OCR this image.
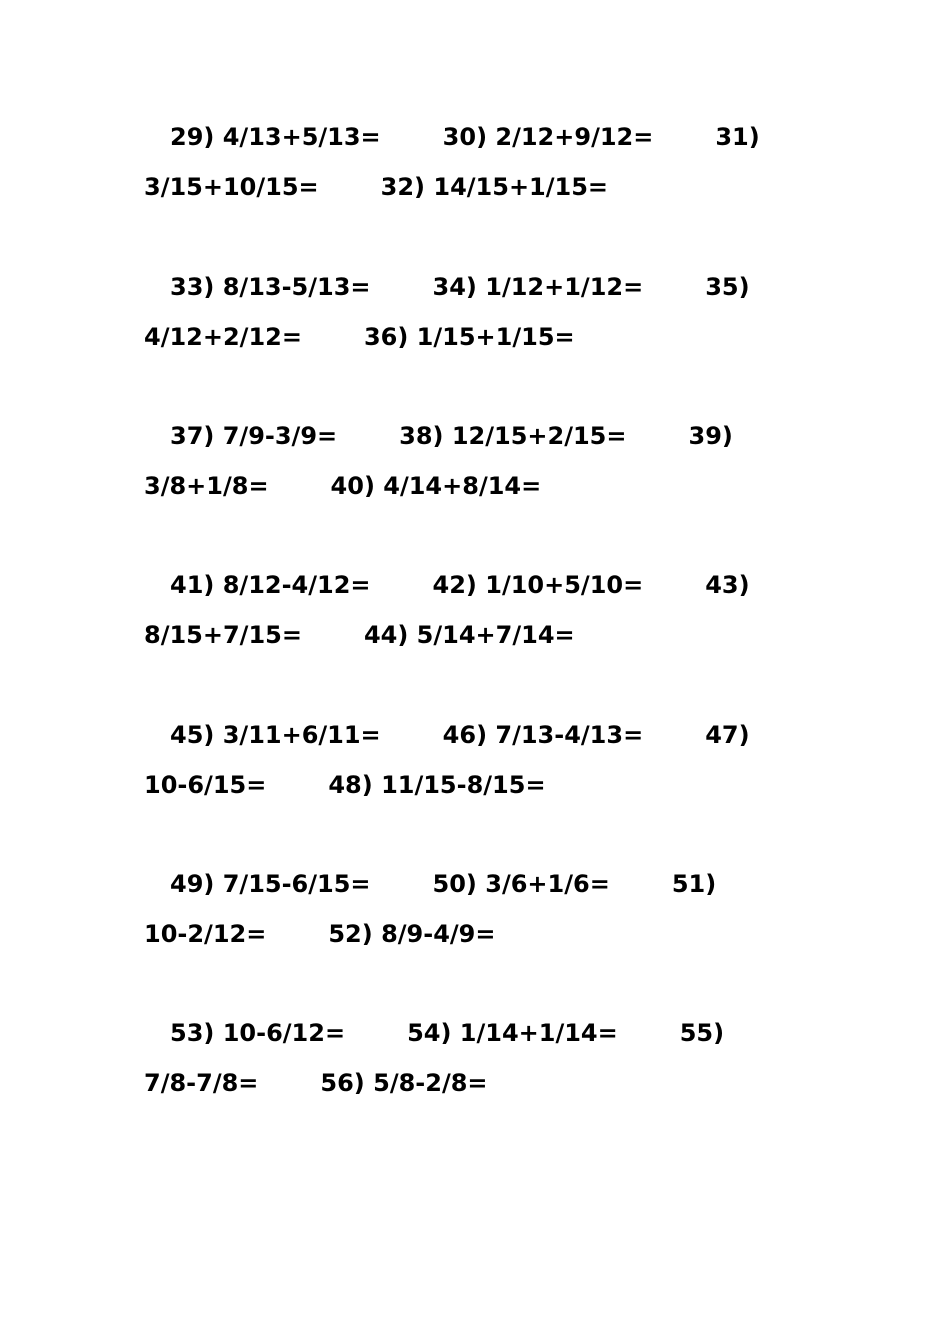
29) 4/13+5/13=	30) 2/12+9/12=	31)
3/15+10/15=	32) 14/15+1/15=
33) 8/13-5/13=	34) 1/12+1/12=	35)
4/12+2/12=	36) 1/15+1/15=
37) 7/9-3/9=	38) 12/15+2/15=	39)
3/8+1/8=	40) 4/14+8/14=
41) 8/12-4/12=	42) 1/10+5/10=	43)
8/15+7/15=	44) 5/14+7/14=
45) 3/11+6/11=	46) 7/13-4/13=	47)
10-6/15=	48) 11/15-8/15=
49) 7/15-6/15=	50) 3/6+1/6=	51)
10-2/12=	52) 8/9-4/9=
53) 10-6/12=	54) 1/14+1/14=	55)
7/8-7/8=	56) 5/8-2/8=
